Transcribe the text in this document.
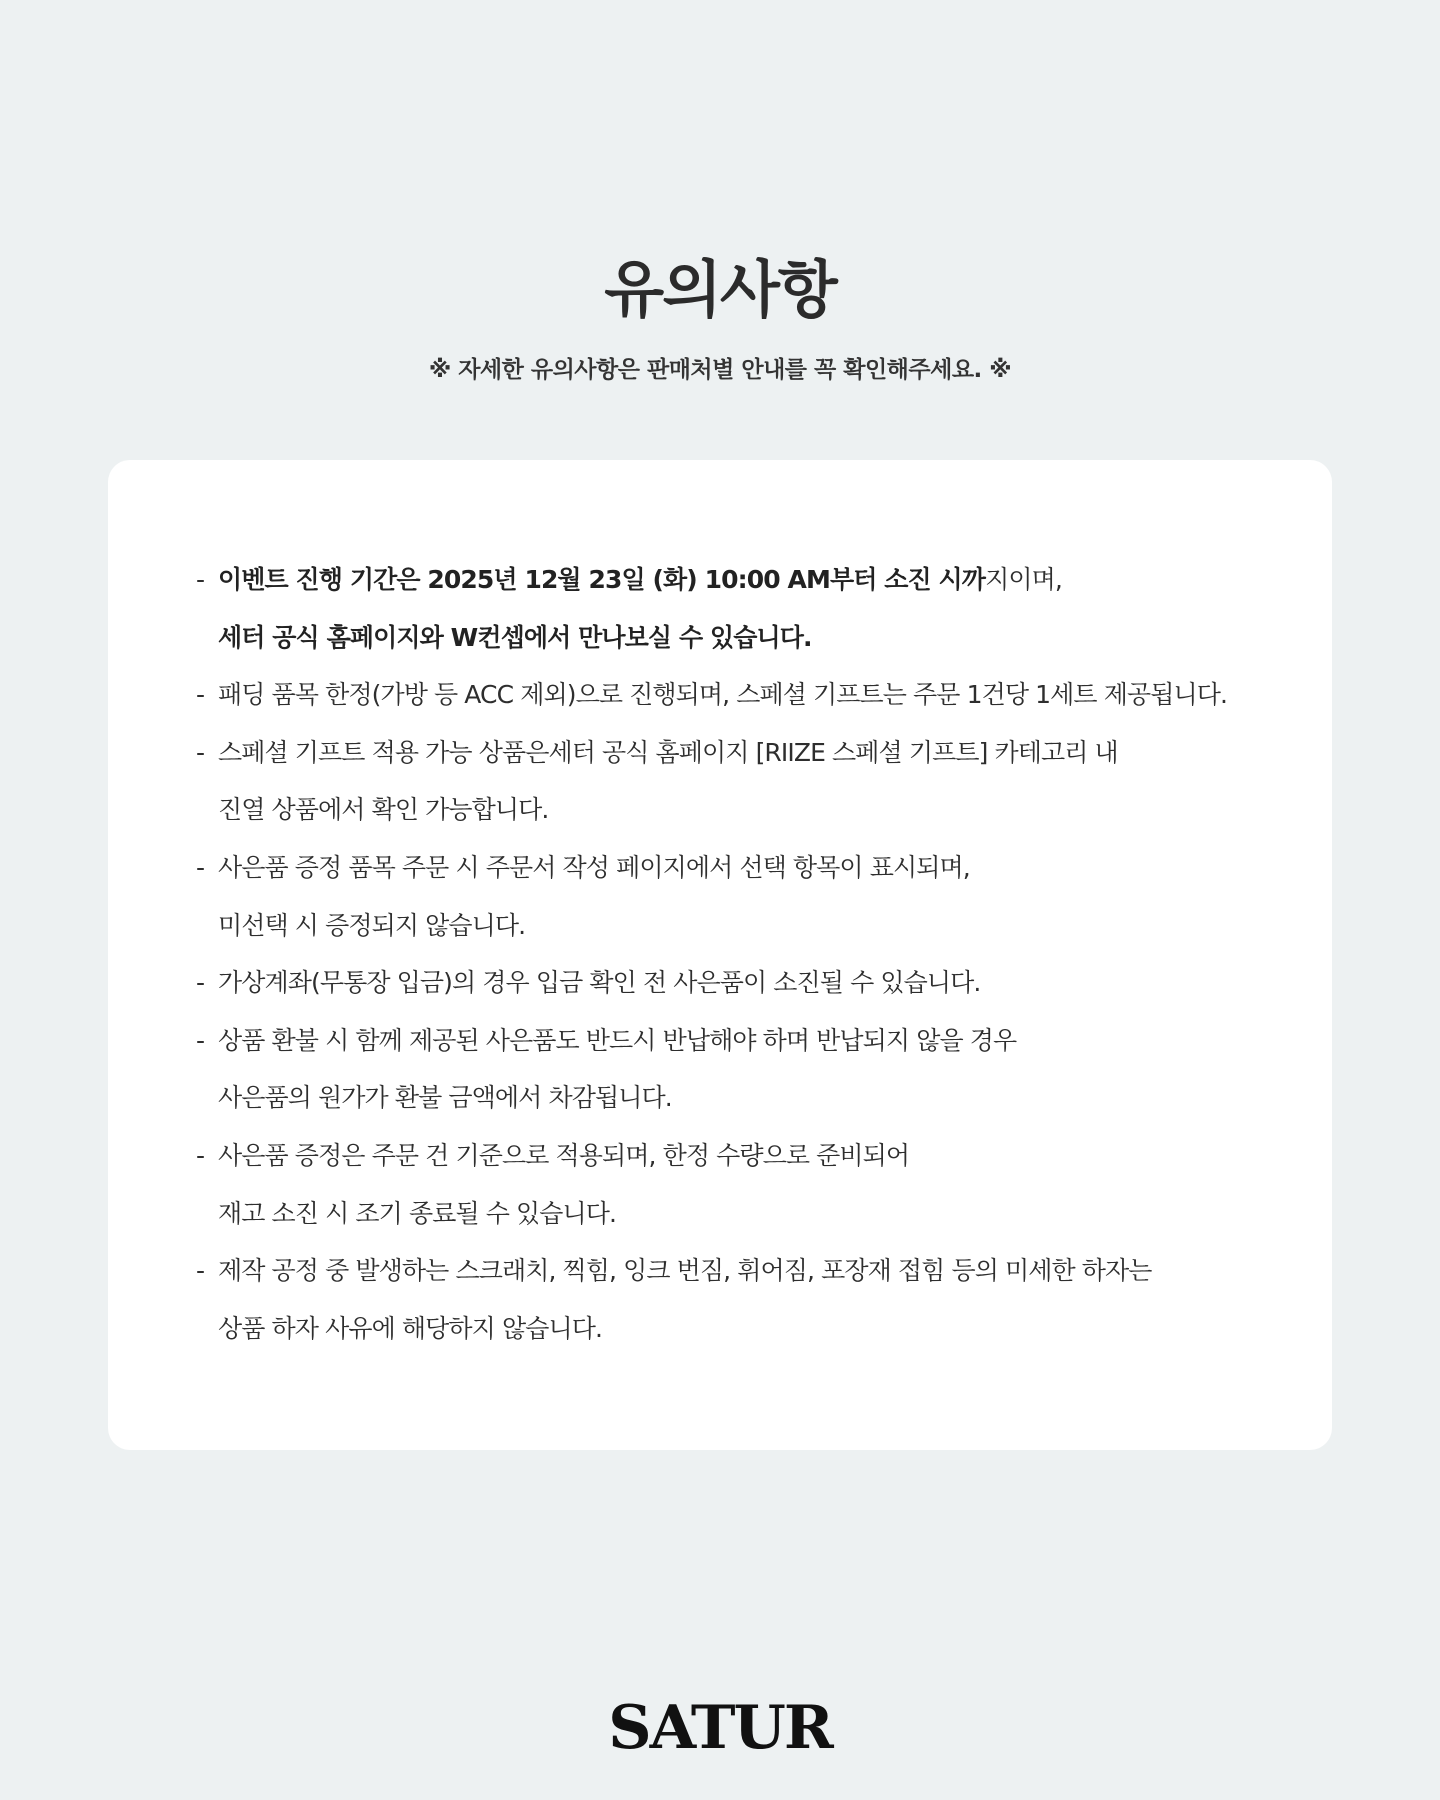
유의사항
※ 자세한 유의사항은 판매처별 안내를 꼭 확인해주세요. ※
- 이벤트 진행 기간은 2025년 12월 23일 (화) 10:00 AM부터 소진 시까지이며,
세터 공식 홈페이지와 W컨셉에서 만나보실 수 있습니다.
- 패딩 품목 한정(가방 등 ACC 제외)으로 진행되며, 스페셜 기프트는 주문 1건당 1세트 제공됩니다.
- 스페셜 기프트 적용 가능 상품은세터 공식 홈페이지 [RIIZE 스페셜 기프트] 카테고리 내
진열 상품에서 확인 가능합니다.
- 사은품 증정 품목 주문 시 주문서 작성 페이지에서 선택 항목이 표시되며,
미선택 시 증정되지 않습니다.
- 가상계좌(무통장 입금)의 경우 입금 확인 전 사은품이 소진될 수 있습니다.
- 상품 환불 시 함께 제공된 사은품도 반드시 반납해야 하며 반납되지 않을 경우
사은품의 원가가 환불 금액에서 차감됩니다.
- 사은품 증정은 주문 건 기준으로 적용되며, 한정 수량으로 준비되어
재고 소진 시 조기 종료될 수 있습니다.
- 제작 공정 중 발생하는 스크래치, 찍힘, 잉크 번짐, 휘어짐, 포장재 접힘 등의 미세한 하자는
상품 하자 사유에 해당하지 않습니다.
SATUR
